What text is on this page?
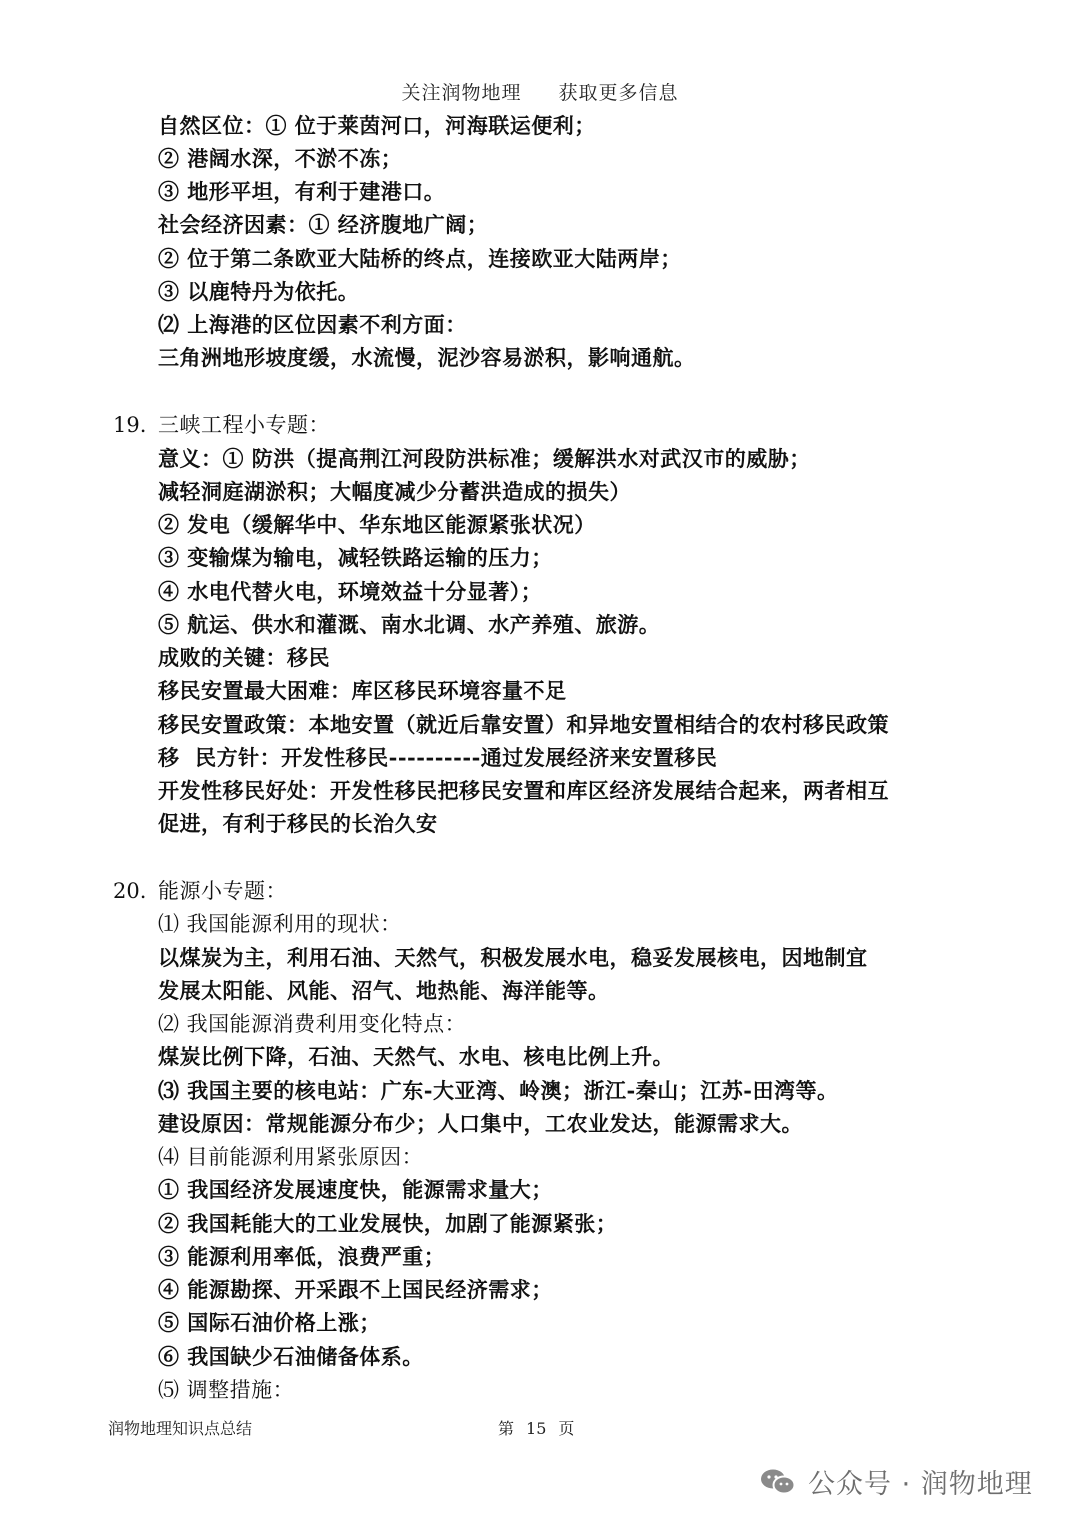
关注润物地理 获取更多信息
自然区位：① 位于莱茵河口，河海联运便利；
② 港阔水深，不淤不冻；
③ 地形平坦，有利于建港口。
社会经济因素：① 经济腹地广阔；
② 位于第二条欧亚大陆桥的终点，连接欧亚大陆两岸；
③ 以鹿特丹为依托。
⑵ 上海港的区位因素不利方面：
三角洲地形坡度缓，水流慢，泥沙容易淤积，影响通航。
19. 三峡工程小专题：
意义：① 防洪（提高荆江河段防洪标准；缓解洪水对武汉市的威胁；
减轻洞庭湖淤积；大幅度减少分蓄洪造成的损失）
② 发电（缓解华中、华东地区能源紧张状况）
③ 变输煤为输电，减轻铁路运输的压力；
④ 水电代替火电，环境效益十分显著）；
⑤ 航运、供水和灌溉、南水北调、水产养殖、旅游。
成败的关键：移民
移民安置最大困难：库区移民环境容量不足
移民安置政策：本地安置（就近后靠安置）和异地安置相结合的农村移民政策
移  民方针：开发性移民----------通过发展经济来安置移民
开发性移民好处：开发性移民把移民安置和库区经济发展结合起来，两者相互
促进，有利于移民的长治久安
20. 能源小专题：
⑴ 我国能源利用的现状：
以煤炭为主，利用石油、天然气，积极发展水电，稳妥发展核电，因地制宜
发展太阳能、风能、沼气、地热能、海洋能等。
⑵ 我国能源消费利用变化特点：
煤炭比例下降，石油、天然气、水电、核电比例上升。
⑶ 我国主要的核电站：广东-大亚湾、岭澳；浙江-秦山；江苏-田湾等。
建设原因：常规能源分布少；人口集中，工农业发达，能源需求大。
⑷ 目前能源利用紧张原因：
① 我国经济发展速度快，能源需求量大；
② 我国耗能大的工业发展快，加剧了能源紧张；
③ 能源利用率低，浪费严重；
④ 能源勘探、开采跟不上国民经济需求；
⑤ 国际石油价格上涨；
⑥ 我国缺少石油储备体系。
⑸ 调整措施：
润物地理知识点总结	第 15 页
公众号 · 润物地理
